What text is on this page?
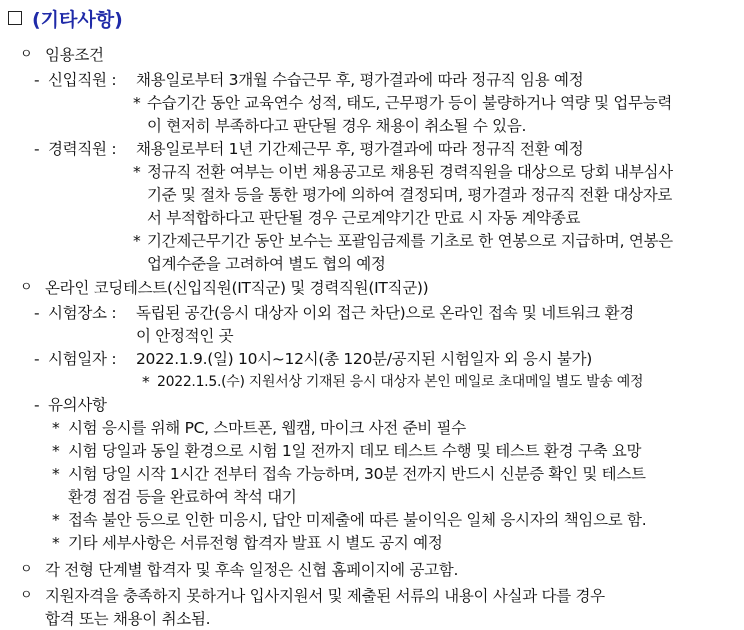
(기타사항)
ㅇ 임용조건
- 신입직원 : 채용일로부터 3개월 수습근무 후, 평가결과에 따라 정규직 임용 예정
* 수습기간 동안 교육연수 성적, 태도, 근무평가 등이 불량하거나 역량 및 업무능력
이 현저히 부족하다고 판단될 경우 채용이 취소될 수 있음.
- 경력직원 : 채용일로부터 1년 기간제근무 후, 평가결과에 따라 정규직 전환 예정
* 정규직 전환 여부는 이번 채용공고로 채용된 경력직원을 대상으로 당회 내부심사
기준 및 절차 등을 통한 평가에 의하여 결정되며, 평가결과 정규직 전환 대상자로
서 부적합하다고 판단될 경우 근로계약기간 만료 시 자동 계약종료
* 기간제근무기간 동안 보수는 포괄임금제를 기초로 한 연봉으로 지급하며, 연봉은
업계수준을 고려하여 별도 협의 예정
ㅇ 온라인 코딩테스트(신입직원(IT직군) 및 경력직원(IT직군))
- 시험장소 : 독립된 공간(응시 대상자 이외 접근 차단)으로 온라인 접속 및 네트워크 환경
이 안정적인 곳
- 시험일자 : 2022.1.9.(일) 10시~12시(총 120분/공지된 시험일자 외 응시 불가)
* 2022.1.5.(수) 지원서상 기재된 응시 대상자 본인 메일로 초대메일 별도 발송 예정
- 유의사항
* 시험 응시를 위해 PC, 스마트폰, 웹캠, 마이크 사전 준비 필수
* 시험 당일과 동일 환경으로 시험 1일 전까지 데모 테스트 수행 및 테스트 환경 구축 요망
* 시험 당일 시작 1시간 전부터 접속 가능하며, 30분 전까지 반드시 신분증 확인 및 테스트
환경 점검 등을 완료하여 착석 대기
* 접속 불안 등으로 인한 미응시, 답안 미제출에 따른 불이익은 일체 응시자의 책임으로 함.
* 기타 세부사항은 서류전형 합격자 발표 시 별도 공지 예정
ㅇ 각 전형 단계별 합격자 및 후속 일정은 신협 홈페이지에 공고함.
ㅇ 지원자격을 충족하지 못하거나 입사지원서 및 제출된 서류의 내용이 사실과 다를 경우
합격 또는 채용이 취소됨.
